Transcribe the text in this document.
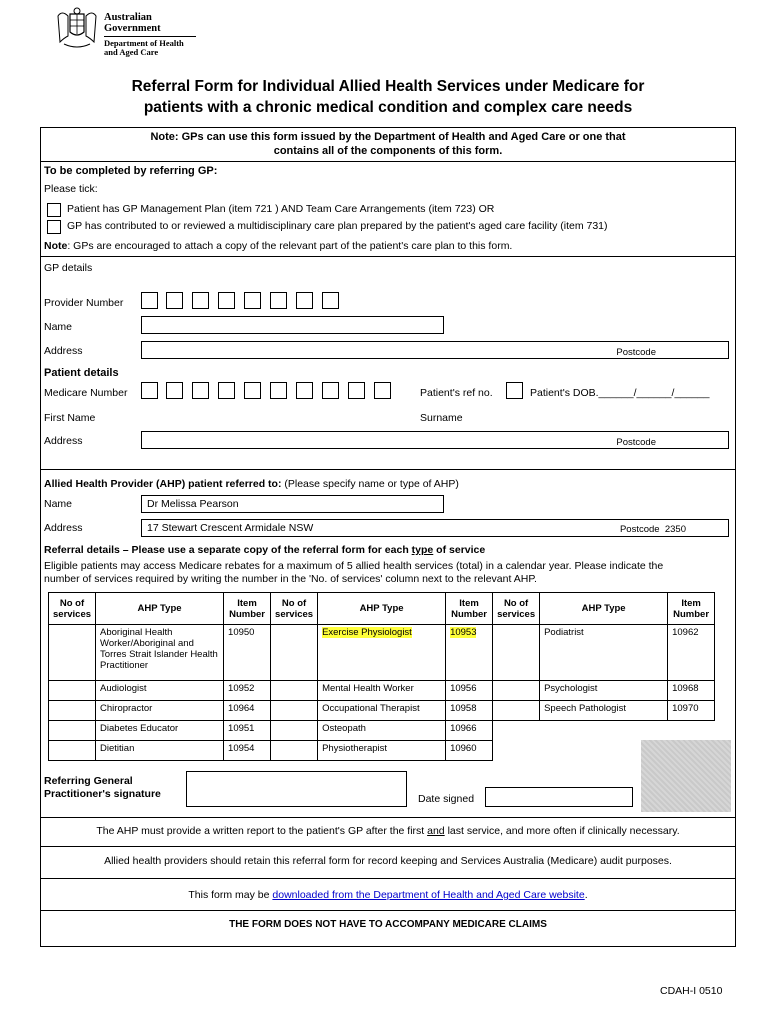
Australian Government
Department of Health
and Aged Care
Referral Form for Individual Allied Health Services under Medicare for
patients with a chronic medical condition and complex care needs
Note: GPs can use this form issued by the Department of Health and Aged Care or one that
contains all of the components of this form.
To be completed by referring GP:
Please tick:
Patient has GP Management Plan (item 721 ) AND Team Care Arrangements (item 723) OR
GP has contributed to or reviewed a multidisciplinary care plan prepared by the patient's aged care facility (item 731)
Note: GPs are encouraged to attach a copy of the relevant part of the patient's care plan to this form.
GP details
Provider Number
Name
Address	Postcode
Patient details
Medicare Number	Patient's ref no.	Patient's DOB.______/______/______
First Name	Surname
Address	Postcode
Allied Health Provider (AHP) patient referred to: (Please specify name or type of AHP)
Name	Dr Melissa Pearson
Address	17 Stewart Crescent Armidale NSW	Postcode 2350
Referral details – Please use a separate copy of the referral form for each type of service
Eligible patients may access Medicare rebates for a maximum of 5 allied health services (total) in a calendar year. Please indicate the
number of services required by writing the number in the 'No. of services' column next to the relevant AHP.
No of services	AHP Type	Item Number	No of services	AHP Type	Item Number	No of services	AHP Type	Item Number
	Aboriginal Health Worker/Aboriginal and Torres Strait Islander Health Practitioner	10950		Exercise Physiologist	10953		Podiatrist	10962
	Audiologist	10952		Mental Health Worker	10956		Psychologist	10968
	Chiropractor	10964		Occupational Therapist	10958		Speech Pathologist	10970
	Diabetes Educator	10951		Osteopath	10966			
	Dietitian	10954		Physiotherapist	10960			
Referring General
Practitioner's signature	Date signed
The AHP must provide a written report to the patient's GP after the first and last service, and more often if clinically necessary.
Allied health providers should retain this referral form for record keeping and Services Australia (Medicare) audit purposes.
This form may be downloaded from the Department of Health and Aged Care website.
THE FORM DOES NOT HAVE TO ACCOMPANY MEDICARE CLAIMS
CDAH-I 0510
